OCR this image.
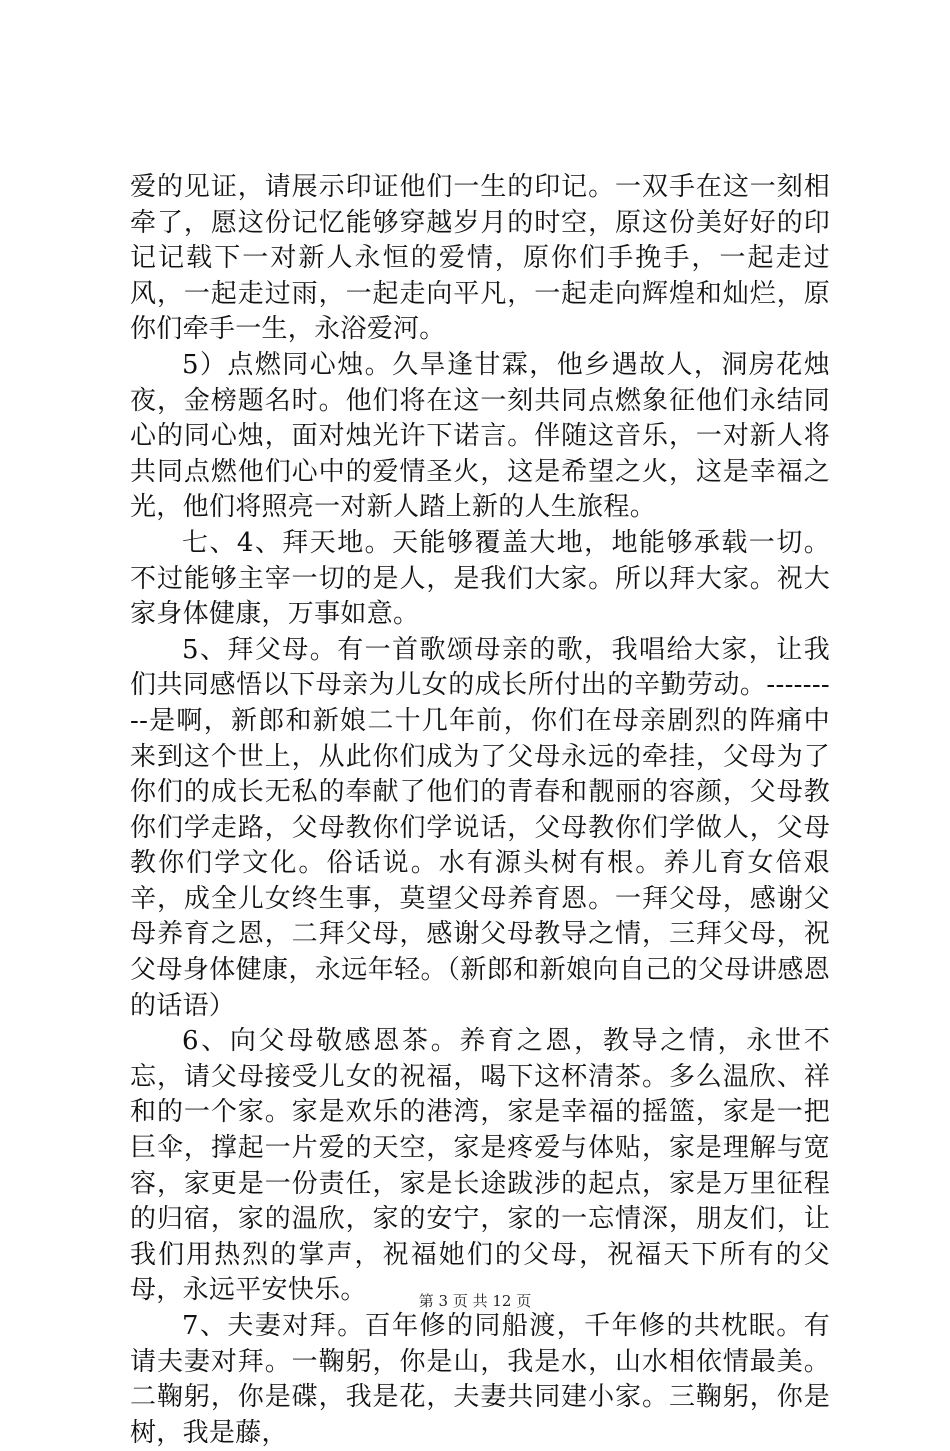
爱的见证，请展示印证他们一生的印记。一双手在这一刻相牵了，愿这份记忆能够穿越岁月的时空，原这份美好好的印记记载下一对新人永恒的爱情，原你们手挽手，一起走过风，一起走过雨，一起走向平凡，一起走向辉煌和灿烂，原你们牵手一生，永浴爱河。

5）点燃同心烛。久旱逢甘霖，他乡遇故人，洞房花烛夜，金榜题名时。他们将在这一刻共同点燃象征他们永结同心的同心烛，面对烛光许下诺言。伴随这音乐，一对新人将共同点燃他们心中的爱情圣火，这是希望之火，这是幸福之光，他们将照亮一对新人踏上新的人生旅程。

七、4、拜天地。天能够覆盖大地，地能够承载一切。不过能够主宰一切的是人，是我们大家。所以拜大家。祝大家身体健康，万事如意。

5、拜父母。有一首歌颂母亲的歌，我唱给大家，让我们共同感悟以下母亲为儿女的成长所付出的辛勤劳动。---------是啊，新郎和新娘二十几年前，你们在母亲剧烈的阵痛中来到这个世上，从此你们成为了父母永远的牵挂，父母为了你们的成长无私的奉献了他们的青春和靓丽的容颜，父母教你们学走路，父母教你们学说话，父母教你们学做人，父母教你们学文化。俗话说。水有源头树有根。养儿育女倍艰辛，成全儿女终生事，莫望父母养育恩。一拜父母，感谢父母养育之恩，二拜父母，感谢父母教导之情，三拜父母，祝父母身体健康，永远年轻。（新郎和新娘向自己的父母讲感恩的话语）

6、向父母敬感恩茶。养育之恩，教导之情，永世不忘，请父母接受儿女的祝福，喝下这杯清茶。多么温欣、祥和的一个家。家是欢乐的港湾，家是幸福的摇篮，家是一把巨伞，撑起一片爱的天空，家是疼爱与体贴，家是理解与宽容，家更是一份责任，家是长途跋涉的起点，家是万里征程的归宿，家的温欣，家的安宁，家的一忘情深，朋友们，让我们用热烈的掌声，祝福她们的父母，祝福天下所有的父母，永远平安快乐。

7、夫妻对拜。百年修的同船渡，千年修的共枕眠。有请夫妻对拜。一鞠躬，你是山，我是水，山水相依情最美。二鞠躬，你是碟，我是花，夫妻共同建小家。三鞠躬，你是树，我是藤，

第 3 页 共 12 页
